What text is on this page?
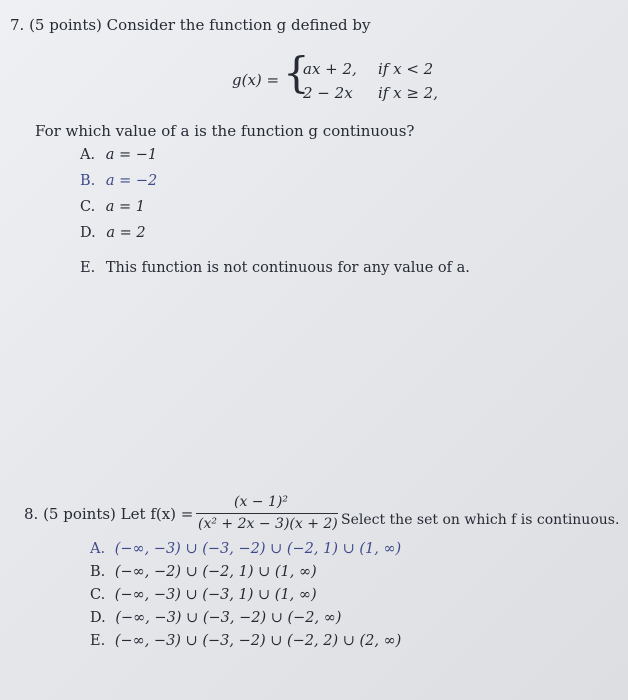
7. (5 points) Consider the function g defined by
g(x) = {
ax + 2, if x < 2
2 − 2x if x ≥ 2,
For which value of a is the function g continuous?
A. a = −1
B. a = −2
C. a = 1
D. a = 2
E. This function is not continuous for any value of a.
8. (5 points) Let f(x) =
(x − 1)²
(x² + 2x − 3)(x + 2) Select the set on which f is continuous.
A. (−∞, −3) ∪ (−3, −2) ∪ (−2, 1) ∪ (1, ∞)
B. (−∞, −2) ∪ (−2, 1) ∪ (1, ∞)
C. (−∞, −3) ∪ (−3, 1) ∪ (1, ∞)
D. (−∞, −3) ∪ (−3, −2) ∪ (−2, ∞)
E. (−∞, −3) ∪ (−3, −2) ∪ (−2, 2) ∪ (2, ∞)
